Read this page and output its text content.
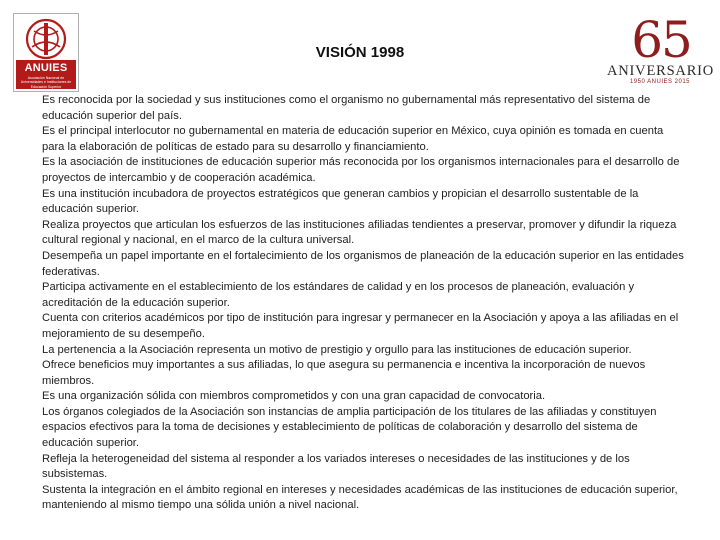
ANUIES
Asociación Nacional de Universidades e Instituciones de Educación Superior
65
ANIVERSARIO
1950 ANUIES 2015
VISIÓN 1998

Es reconocida por la sociedad y sus instituciones como el organismo no gubernamental más representativo del sistema de educación superior del país.

Es el principal interlocutor no gubernamental en materia de educación superior en México, cuya opinión es tomada en cuenta para la elaboración de políticas de estado para su desarrollo y financiamiento.

Es la asociación de instituciones de educación superior más reconocida por los organismos internacionales para el desarrollo de proyectos de intercambio y de cooperación académica.

Es una institución incubadora de proyectos estratégicos que generan cambios y propician el desarrollo sustentable de la educación superior.

Realiza proyectos que articulan los esfuerzos de las instituciones afiliadas tendientes a preservar, promover y difundir la riqueza cultural regional y nacional, en el marco de la cultura universal.

Desempeña un papel importante en el fortalecimiento de los organismos de planeación de la educación superior en las entidades federativas.

Participa activamente en el establecimiento de los estándares de calidad y en los procesos de planeación, evaluación y acreditación de la educación superior.

Cuenta con criterios académicos por tipo de institución para ingresar y permanecer en la Asociación y apoya a las afiliadas en el mejoramiento de su desempeño.

La pertenencia a la Asociación representa un motivo de prestigio y orgullo para las instituciones de educación superior.

Ofrece beneficios muy importantes a sus afiliadas, lo que asegura su permanencia e incentiva la incorporación de nuevos miembros.

Es una organización sólida con miembros comprometidos y con una gran capacidad de convocatoria.

Los órganos colegiados de la Asociación son instancias de amplia participación de los titulares de las afiliadas y constituyen espacios efectivos para la toma de decisiones y establecimiento de políticas de colaboración y desarrollo del sistema de educación superior.

Refleja la heterogeneidad del sistema al responder a los variados intereses o necesidades de las instituciones y de los subsistemas.

Sustenta la integración en el ámbito regional en intereses y necesidades académicas de las instituciones de educación superior, manteniendo al mismo tiempo una sólida unión a nivel nacional.
